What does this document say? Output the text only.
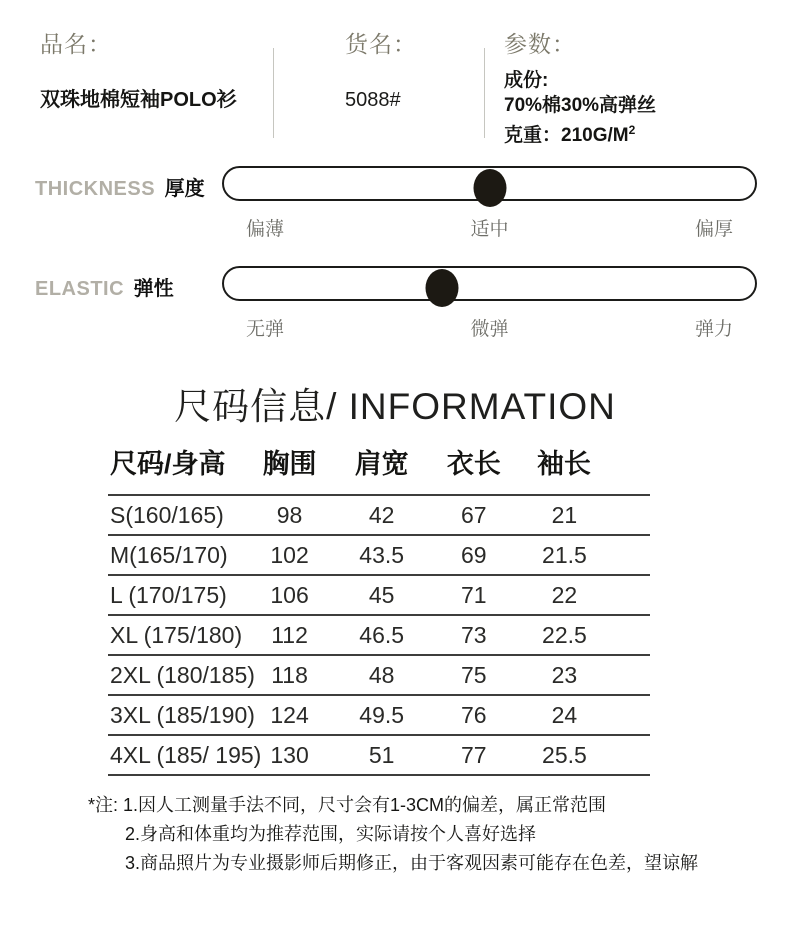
品名：
双珠地棉短袖POLO衫
货名：
5088#
参数：
成份:
70%棉30%高弹丝
克重：$210G/M^2$
THICKNESS 厚度
偏薄	适中	偏厚
ELASTIC 弹性
无弹	微弹	弹力
尺码信息/ INFORMATION
尺码/身高	胸围	肩宽	衣长	袖长
S(160/165)	98	42	67	21
M(165/170)	102	43.5	69	21.5
L (170/175)	106	45	71	22
XL (175/180)	112	46.5	73	22.5
2XL (180/185)	118	48	75	23
3XL (185/190)	124	49.5	76	24
4XL (185/ 195)	130	51	77	25.5
*注: 1.因人工测量手法不同，尺寸会有1-3CM的偏差，属正常范围
2.身高和体重均为推荐范围，实际请按个人喜好选择
3.商品照片为专业摄影师后期修正，由于客观因素可能存在色差，望谅解
